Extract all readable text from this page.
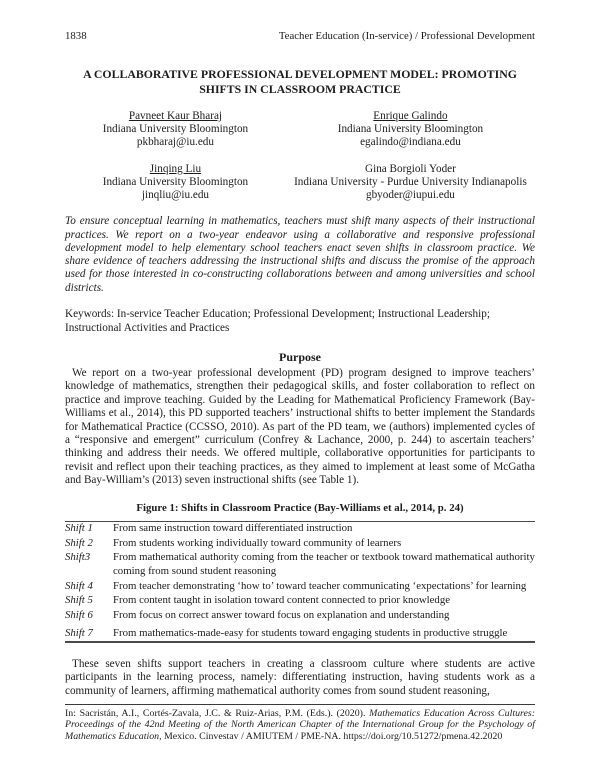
1838	Teacher Education (In-service) / Professional Development
A COLLABORATIVE PROFESSIONAL DEVELOPMENT MODEL: PROMOTING
SHIFTS IN CLASSROOM PRACTICE
Pavneet Kaur Bharaj
Indiana University Bloomington
pkbharaj@iu.edu
Enrique Galindo
Indiana University Bloomington
egalindo@indiana.edu
Jinqing Liu
Indiana University Bloomington
jinqliu@iu.edu
Gina Borgioli Yoder
Indiana University - Purdue University Indianapolis
gbyoder@iupui.edu

To ensure conceptual learning in mathematics, teachers must shift many aspects of their instructional practices. We report on a two-year endeavor using a collaborative and responsive professional development model to help elementary school teachers enact seven shifts in classroom practice. We share evidence of teachers addressing the instructional shifts and discuss the promise of the approach used for those interested in co-constructing collaborations between and among universities and school districts.

Keywords: In-service Teacher Education; Professional Development; Instructional Leadership; Instructional Activities and Practices

Purpose

We report on a two-year professional development (PD) program designed to improve teachers’ knowledge of mathematics, strengthen their pedagogical skills, and foster collaboration to reflect on practice and improve teaching. Guided by the Leading for Mathematical Proficiency Framework (Bay-Williams et al., 2014), this PD supported teachers’ instructional shifts to better implement the Standards for Mathematical Practice (CCSSO, 2010). As part of the PD team, we (authors) implemented cycles of a “responsive and emergent” curriculum (Confrey & Lachance, 2000, p. 244) to ascertain teachers’ thinking and address their needs. We offered multiple, collaborative opportunities for participants to revisit and reflect upon their teaching practices, as they aimed to implement at least some of McGatha and Bay-William’s (2013) seven instructional shifts (see Table 1).

Figure 1: Shifts in Classroom Practice (Bay-Williams et al., 2014, p. 24)
Shift 1	From same instruction toward differentiated instruction
Shift 2	From students working individually toward community of learners
Shift3	From mathematical authority coming from the teacher or textbook toward mathematical authority coming from sound student reasoning
Shift 4	From teacher demonstrating ‘how to’ toward teacher communicating ‘expectations’ for learning
Shift 5	From content taught in isolation toward content connected to prior knowledge
Shift 6	From focus on correct answer toward focus on explanation and understanding
Shift 7	From mathematics-made-easy for students toward engaging students in productive struggle

These seven shifts support teachers in creating a classroom culture where students are active participants in the learning process, namely: differentiating instruction, having students work as a community of learners, affirming mathematical authority comes from sound student reasoning,

In: Sacristán, A.I., Cortés-Zavala, J.C. & Ruiz-Arias, P.M. (Eds.). (2020). Mathematics Education Across Cultures: Proceedings of the 42nd Meeting of the North American Chapter of the International Group for the Psychology of Mathematics Education, Mexico. Cinvestav / AMIUTEM / PME-NA. https://doi.org/10.51272/pmena.42.2020
